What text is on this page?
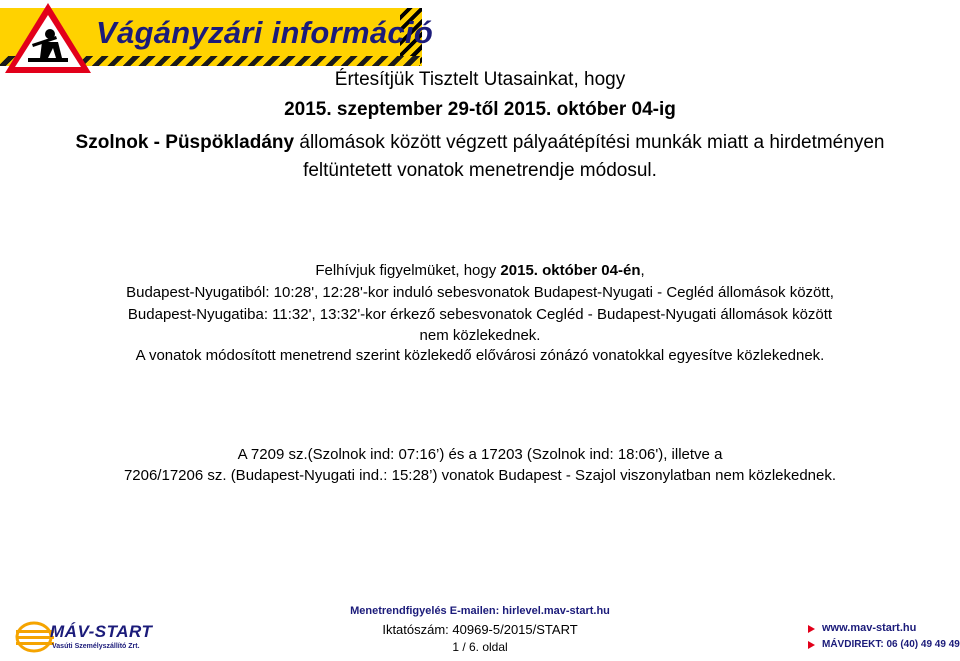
Vágányzári információ
Értesítjük Tisztelt Utasainkat, hogy
2015. szeptember 29-től 2015. október 04-ig
Szolnok - Püspökladány állomások között végzett pályaátépítési munkák miatt a hirdetményen
feltüntetett vonatok menetrendje módosul.
Felhívjuk figyelmüket, hogy 2015. október 04-én,
Budapest-Nyugatiból: 10:28', 12:28'-kor induló sebesvonatok Budapest-Nyugati - Cegléd állomások között,
Budapest-Nyugatiba: 11:32', 13:32'-kor érkező sebesvonatok Cegléd - Budapest-Nyugati állomások között
nem közlekednek.
A vonatok módosított menetrend szerint közlekedő elővárosi zónázó vonatokkal egyesítve közlekednek.
A 7209 sz.(Szolnok ind: 07:16’) és a 17203 (Szolnok ind: 18:06'), illetve a
7206/17206 sz. (Budapest-Nyugati ind.: 15:28’) vonatok Budapest - Szajol viszonylatban nem közlekednek.
MÁV-START
Vasúti Személyszállító Zrt.
Menetrendfigyelés E-mailen: hirlevel.mav-start.hu
Iktatószám: 40969-5/2015/START
1 / 6. oldal
www.mav-start.hu
MÁVDIREKT: 06 (40) 49 49 49
